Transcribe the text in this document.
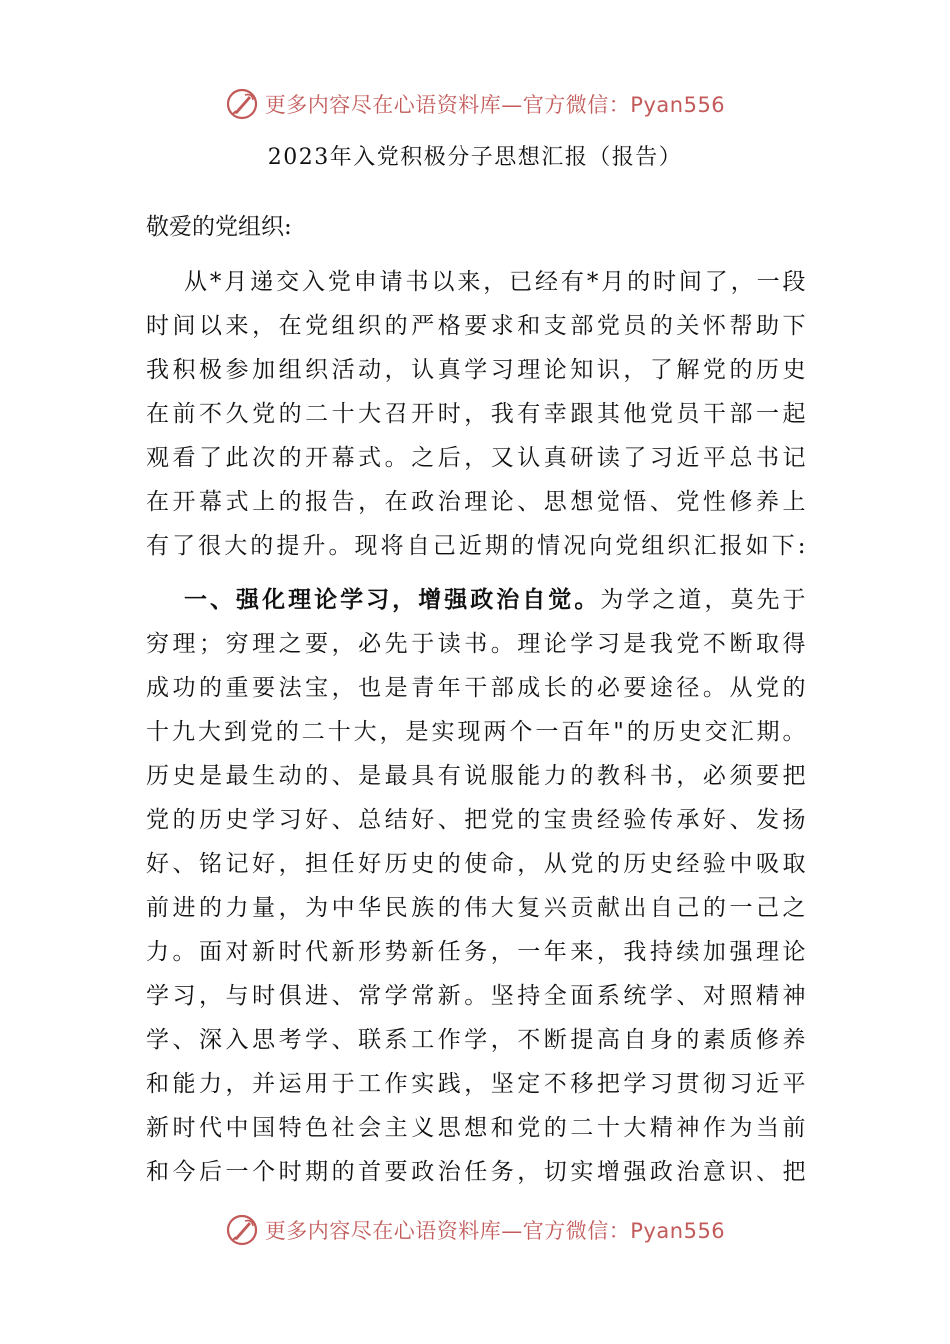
更多内容尽在心语资料库—官方微信：Pyan556
2023年入党积极分子思想汇报（报告）
敬爱的党组织:
从*月递交入党申请书以来，已经有*月的时间了，一段
时间以来，在党组织的严格要求和支部党员的关怀帮助下
我积极参加组织活动，认真学习理论知识，了解党的历史
在前不久党的二十大召开时，我有幸跟其他党员干部一起
观看了此次的开幕式。之后，又认真研读了习近平总书记
在开幕式上的报告，在政治理论、思想觉悟、党性修养上
有了很大的提升。现将自己近期的情况向党组织汇报如下:
一、强化理论学习，增强政治自觉。为学之道，莫先于
穷理；穷理之要，必先于读书。理论学习是我党不断取得
成功的重要法宝，也是青年干部成长的必要途径。从党的
十九大到党的二十大，是实现两个一百年"的历史交汇期。
历史是最生动的、是最具有说服能力的教科书，必须要把
党的历史学习好、总结好、把党的宝贵经验传承好、发扬
好、铭记好，担任好历史的使命，从党的历史经验中吸取
前进的力量，为中华民族的伟大复兴贡献出自己的一己之
力。面对新时代新形势新任务，一年来，我持续加强理论
学习，与时俱进、常学常新。坚持全面系统学、对照精神
学、深入思考学、联系工作学，不断提高自身的素质修养
和能力，并运用于工作实践，坚定不移把学习贯彻习近平
新时代中国特色社会主义思想和党的二十大精神作为当前
和今后一个时期的首要政治任务，切实增强政治意识、把
更多内容尽在心语资料库—官方微信：Pyan556
